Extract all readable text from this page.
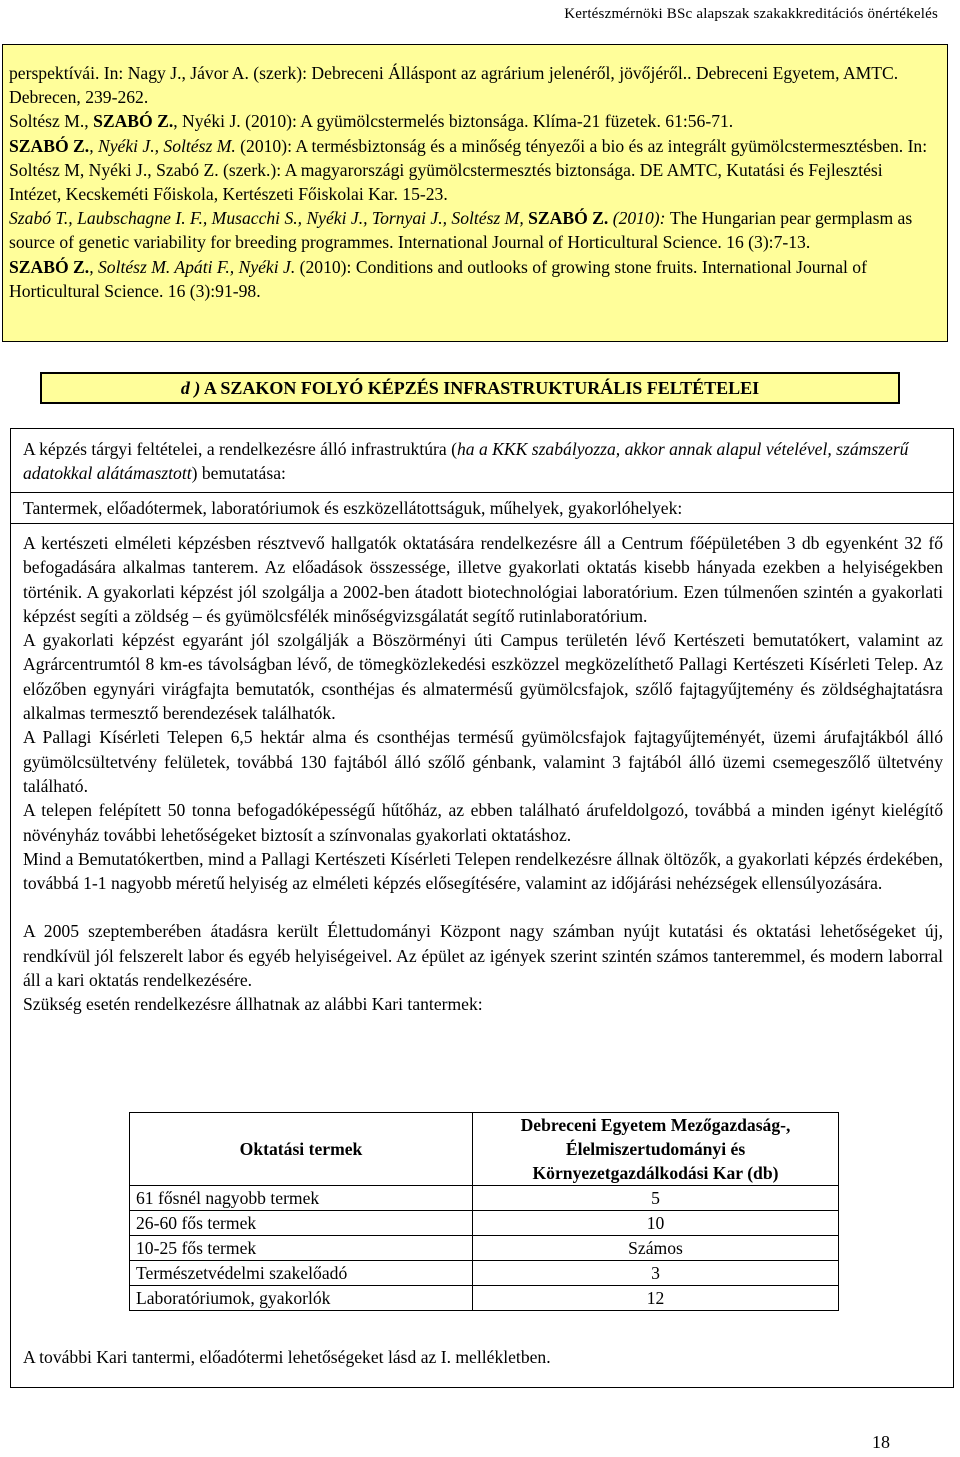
Kertészmérnöki BSc alapszak szakakkreditációs önértékelés

perspektívái. In: Nagy J., Jávor A. (szerk): Debreceni Álláspont az agrárium jelenéről, jövőjéről.. Debreceni Egyetem, AMTC. Debrecen, 239-262.

Soltész M., SZABÓ Z., Nyéki J. (2010): A gyümölcstermelés biztonsága. Klíma-21 füzetek. 61:56-71.

SZABÓ Z., Nyéki J., Soltész M. (2010): A termésbiztonság és a minőség tényezői a bio és az integrált gyümölcstermesztésben. In: Soltész M, Nyéki J., Szabó Z. (szerk.): A magyarországi gyümölcstermesztés biztonsága. DE AMTC, Kutatási és Fejlesztési Intézet, Kecskeméti Főiskola, Kertészeti Főiskolai Kar. 15-23.

Szabó T., Laubschagne I. F., Musacchi S., Nyéki J., Tornyai J., Soltész M, SZABÓ Z. (2010): The Hungarian pear germplasm as source of genetic variability for breeding programmes. International Journal of Horticultural Science. 16 (3):7-13.

SZABÓ Z., Soltész M. Apáti F., Nyéki J. (2010): Conditions and outlooks of growing stone fruits. International Journal of Horticultural Science. 16 (3):91-98.

d ) A SZAKON FOLYÓ KÉPZÉS INFRASTRUKTURÁLIS FELTÉTELEI
A képzés tárgyi feltételei, a rendelkezésre álló infrastruktúra (ha a KKK szabályozza, akkor annak alapul vételével, számszerű adatokkal alátámasztott) bemutatása:
Tantermek, előadótermek, laboratóriumok és eszközellátottságuk, műhelyek, gyakorlóhelyek:

A kertészeti elméleti képzésben résztvevő hallgatók oktatására rendelkezésre áll a Centrum főépületében 3 db egyenként 32 fő befogadására alkalmas tanterem. Az előadások összessége, illetve gyakorlati oktatás kisebb hányada ezekben a helyiségekben történik. A gyakorlati képzést jól szolgálja a 2002-ben átadott biotechnológiai laboratórium. Ezen túlmenően szintén a gyakorlati képzést segíti a zöldség – és gyümölcsfélék minőségvizsgálatát segítő rutinlaboratórium.

A gyakorlati képzést egyaránt jól szolgálják a Böszörményi úti Campus területén lévő Kertészeti bemutatókert, valamint az Agrárcentrumtól 8 km-es távolságban lévő, de tömegközlekedési eszközzel megközelíthető Pallagi Kertészeti Kísérleti Telep. Az előzőben egynyári virágfajta bemutatók, csonthéjas és almatermésű gyümölcsfajok, szőlő fajtagyűjtemény és zöldséghajtatásra alkalmas termesztő berendezések találhatók.

A Pallagi Kísérleti Telepen 6,5 hektár alma és csonthéjas termésű gyümölcsfajok fajtagyűjteményét, üzemi árufajtákból álló gyümölcsültetvény felületek, továbbá 130 fajtából álló szőlő génbank, valamint 3 fajtából álló üzemi csemegeszőlő ültetvény található.

A telepen felépített 50 tonna befogadóképességű hűtőház, az ebben található árufeldolgozó, továbbá a minden igényt kielégítő növényház további lehetőségeket biztosít a színvonalas gyakorlati oktatáshoz.

Mind a Bemutatókertben, mind a Pallagi Kertészeti Kísérleti Telepen rendelkezésre állnak öltözők, a gyakorlati képzés érdekében, továbbá 1-1 nagyobb méretű helyiség az elméleti képzés elősegítésére, valamint az időjárási nehézségek ellensúlyozására.

A 2005 szeptemberében átadásra került Élettudományi Központ nagy számban nyújt kutatási és oktatási lehetőségeket új, rendkívül jól felszerelt labor és egyéb helyiségeivel. Az épület az igények szerint szintén számos tanteremmel, és modern laborral áll a kari oktatás rendelkezésére.

Szükség esetén rendelkezésre állhatnak az alábbi Kari tantermek:

Oktatási termek	Debreceni Egyetem Mezőgazdaság-, Élelmiszertudományi és Környezetgazdálkodási Kar (db)
61 fősnél nagyobb termek	5
26-60 fős termek	10
10-25 fős termek	Számos
Természetvédelmi szakelőadó	3
Laboratóriumok, gyakorlók	12
A további Kari tantermi, előadótermi lehetőségeket lásd az I. mellékletben.
18
